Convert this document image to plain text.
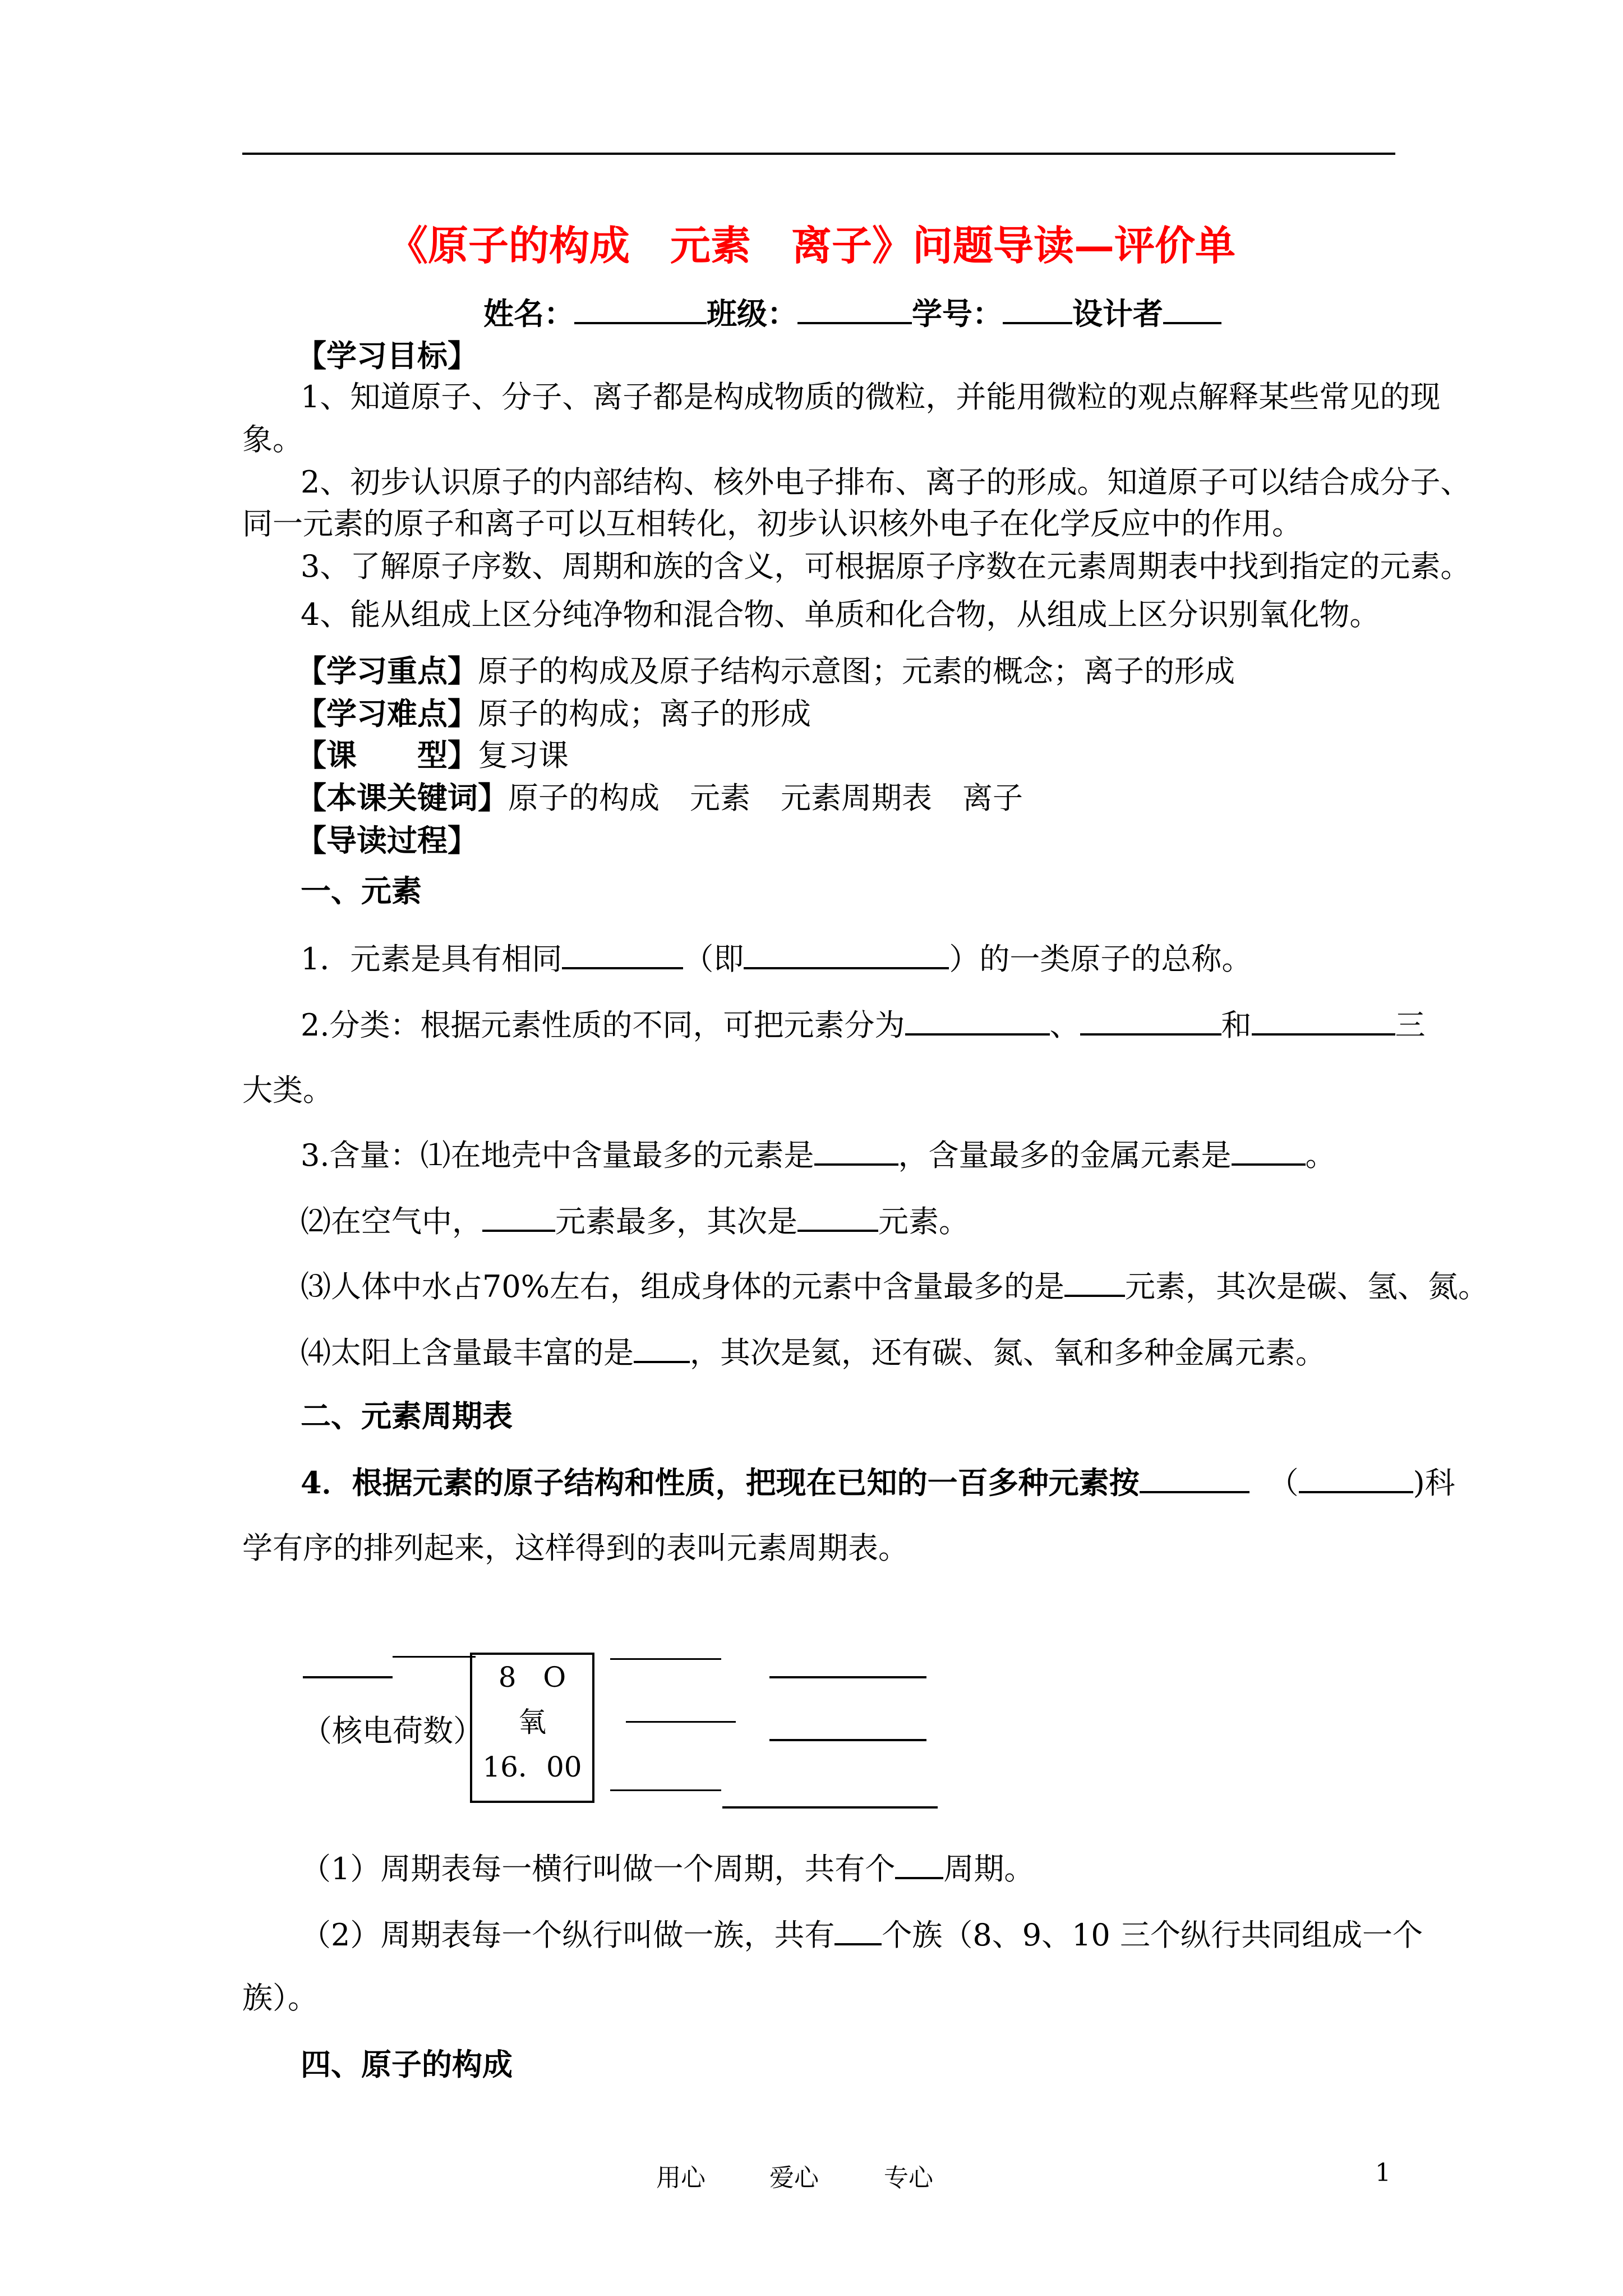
《原子的构成　元素　离子》问题导读—评价单
姓名：	班级：	学号： 设计者
【学习目标】
1、知道原子、分子、离子都是构成物质的微粒，并能用微粒的观点解释某些常见的现
象。
2、初步认识原子的内部结构、核外电子排布、离子的形成。知道原子可以结合成分子、
同一元素的原子和离子可以互相转化，初步认识核外电子在化学反应中的作用。
3、了解原子序数、周期和族的含义，可根据原子序数在元素周期表中找到指定的元素。
4、能从组成上区分纯净物和混合物、单质和化合物，从组成上区分识别氧化物。
【学习重点】原子的构成及原子结构示意图；元素的概念；离子的形成
【学习难点】原子的构成；离子的形成
【课　　型】复习课
【本课关键词】原子的构成　元素　元素周期表　离子
【导读过程】
一、元素
1．元素是具有相同	（即	）的一类原子的总称。
2.分类：根据元素性质的不同，可把元素分为	、	和	三
大类。
3.含量：⑴在地壳中含量最多的元素是	，含量最多的金属元素是 。
⑵在空气中， 元素最多，其次是	元素。
⑶人体中水占70%左右，组成身体的元素中含量最多的是 元素，其次是碳、氢、氮。
⑷太阳上含量最丰富的是 ，其次是氦，还有碳、氮、氧和多种金属元素。
二、元素周期表
4．根据元素的原子结构和性质，把现在已知的一百多种元素按	（	)科
学有序的排列起来，这样得到的表叫元素周期表。
（核电荷数）
8 O
氧
16．00
（1）周期表每一横行叫做一个周期，共有个 周期。
（2）周期表每一个纵行叫做一族，共有 个族（8、9、10 三个纵行共同组成一个
族）。
四、原子的构成
用心	爱心	专心	1
